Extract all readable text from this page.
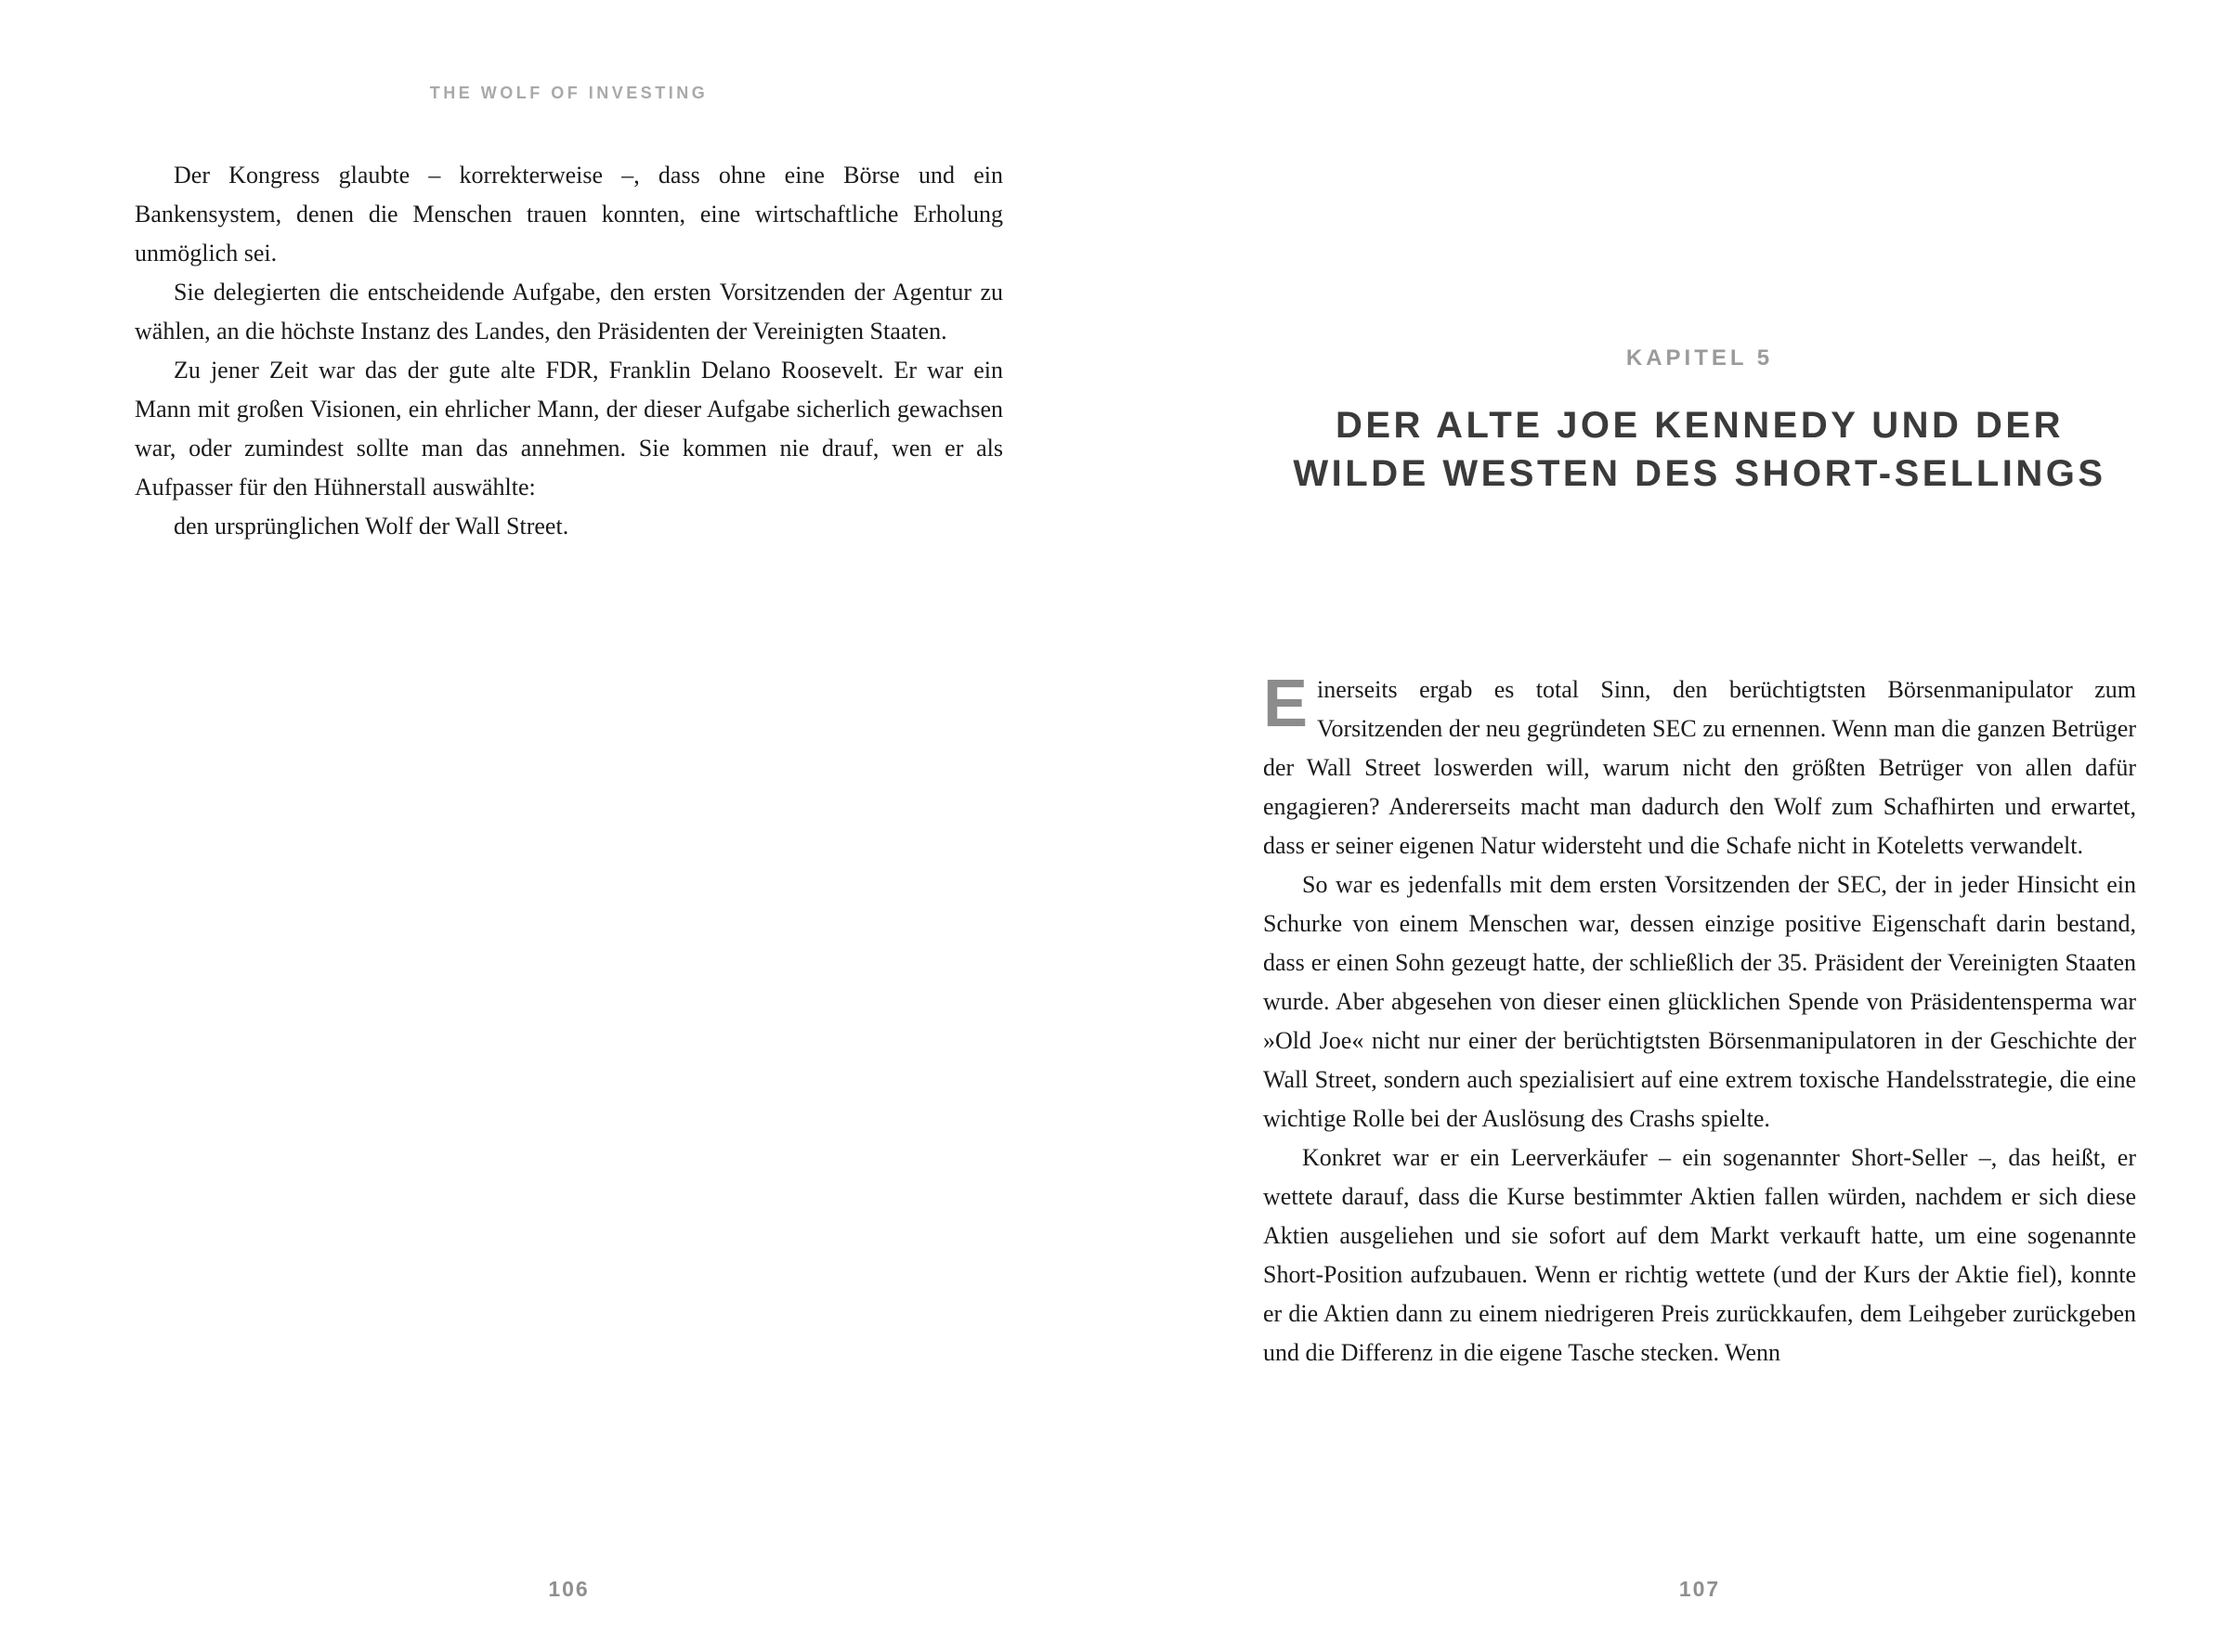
THE WOLF OF INVESTING

Der Kongress glaubte – korrekterweise –, dass ohne eine Börse und ein Bankensystem, denen die Menschen trauen konnten, eine wirtschaftliche Erholung unmöglich sei.

Sie delegierten die entscheidende Aufgabe, den ersten Vorsitzenden der Agentur zu wählen, an die höchste Instanz des Landes, den Präsidenten der Vereinigten Staaten.

Zu jener Zeit war das der gute alte FDR, Franklin Delano Roosevelt. Er war ein Mann mit großen Visionen, ein ehrlicher Mann, der dieser Aufgabe sicherlich gewachsen war, oder zumindest sollte man das annehmen. Sie kommen nie drauf, wen er als Aufpasser für den Hühnerstall auswählte:

den ursprünglichen Wolf der Wall Street.

106
KAPITEL 5
DER ALTE JOE KENNEDY UND DER WILDE WESTEN DES SHORT-SELLINGS

Einerseits ergab es total Sinn, den berüchtigtsten Börsenmanipulator zum Vorsitzenden der neu gegründeten SEC zu ernennen. Wenn man die ganzen Betrüger der Wall Street loswerden will, warum nicht den größten Betrüger von allen dafür engagieren? Andererseits macht man dadurch den Wolf zum Schafhirten und erwartet, dass er seiner eigenen Natur widersteht und die Schafe nicht in Koteletts verwandelt.

So war es jedenfalls mit dem ersten Vorsitzenden der SEC, der in jeder Hinsicht ein Schurke von einem Menschen war, dessen einzige positive Eigenschaft darin bestand, dass er einen Sohn gezeugt hatte, der schließlich der 35. Präsident der Vereinigten Staaten wurde. Aber abgesehen von dieser einen glücklichen Spende von Präsidentensperma war »Old Joe« nicht nur einer der berüchtigtsten Börsenmanipulatoren in der Geschichte der Wall Street, sondern auch spezialisiert auf eine extrem toxische Handelsstrategie, die eine wichtige Rolle bei der Auslösung des Crashs spielte.

Konkret war er ein Leerverkäufer – ein sogenannter Short-Seller –, das heißt, er wettete darauf, dass die Kurse bestimmter Aktien fallen würden, nachdem er sich diese Aktien ausgeliehen und sie sofort auf dem Markt verkauft hatte, um eine sogenannte Short-Position aufzubauen. Wenn er richtig wettete (und der Kurs der Aktie fiel), konnte er die Aktien dann zu einem niedrigeren Preis zurückkaufen, dem Leihgeber zurückgeben und die Differenz in die eigene Tasche stecken. Wenn

107
